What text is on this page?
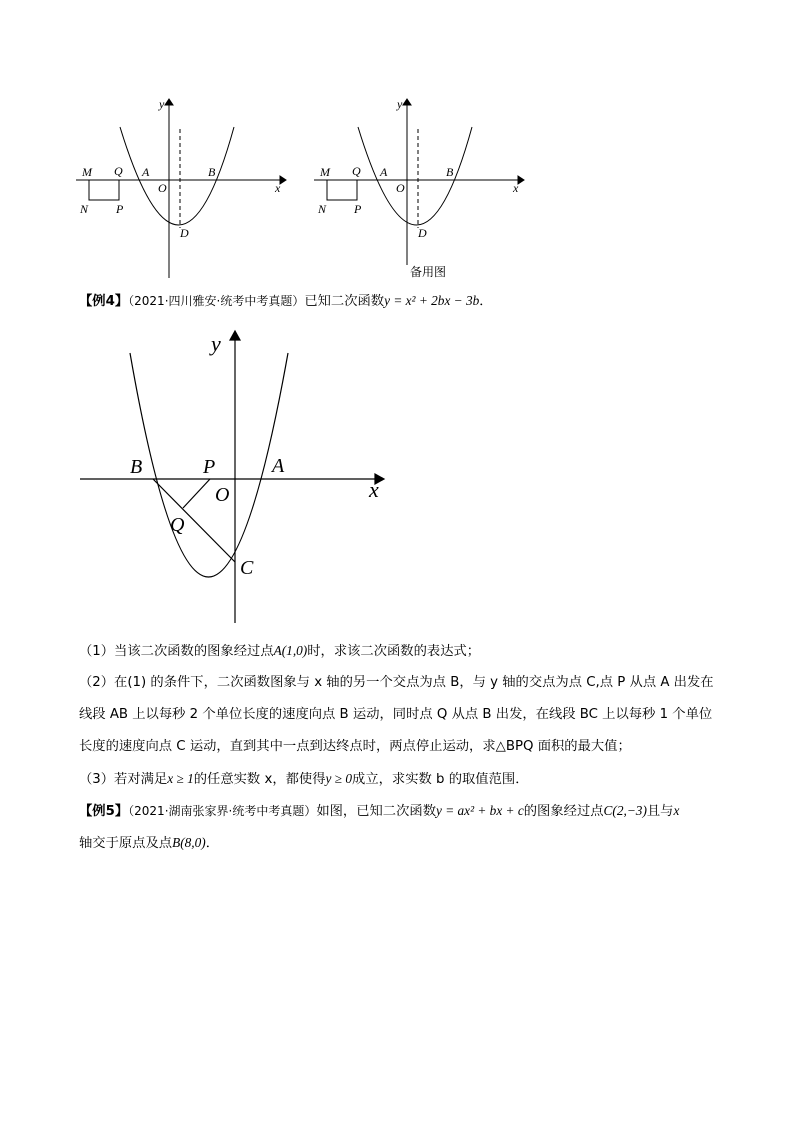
y
x
M
N
Q
P
A
O
B
D
y
x
M
N
Q
P
A
O
B
D
备用图
【例4】（2021·四川雅安·统考中考真题）已知二次函数y = x² + 2bx − 3b．
y
x
B	P	A
O
Q
C
（1）当该二次函数的图象经过点A(1,0)时，求该二次函数的表达式；
（2）在(1) 的条件下，二次函数图象与 x 轴的另一个交点为点 B，与 y 轴的交点为点 C,点 P 从点 A 出发在
线段 AB 上以每秒 2 个单位长度的速度向点 B 运动，同时点 Q 从点 B 出发，在线段 BC 上以每秒 1 个单位
长度的速度向点 C 运动，直到其中一点到达终点时，两点停止运动，求△BPQ 面积的最大值；
（3）若对满足x ≥ 1的任意实数 x，都使得y ≥ 0成立，求实数 b 的取值范围．
【例5】（2021·湖南张家界·统考中考真题）如图，已知二次函数y = ax² + bx + c的图象经过点C(2,−3)且与x
轴交于原点及点B(8,0)．
